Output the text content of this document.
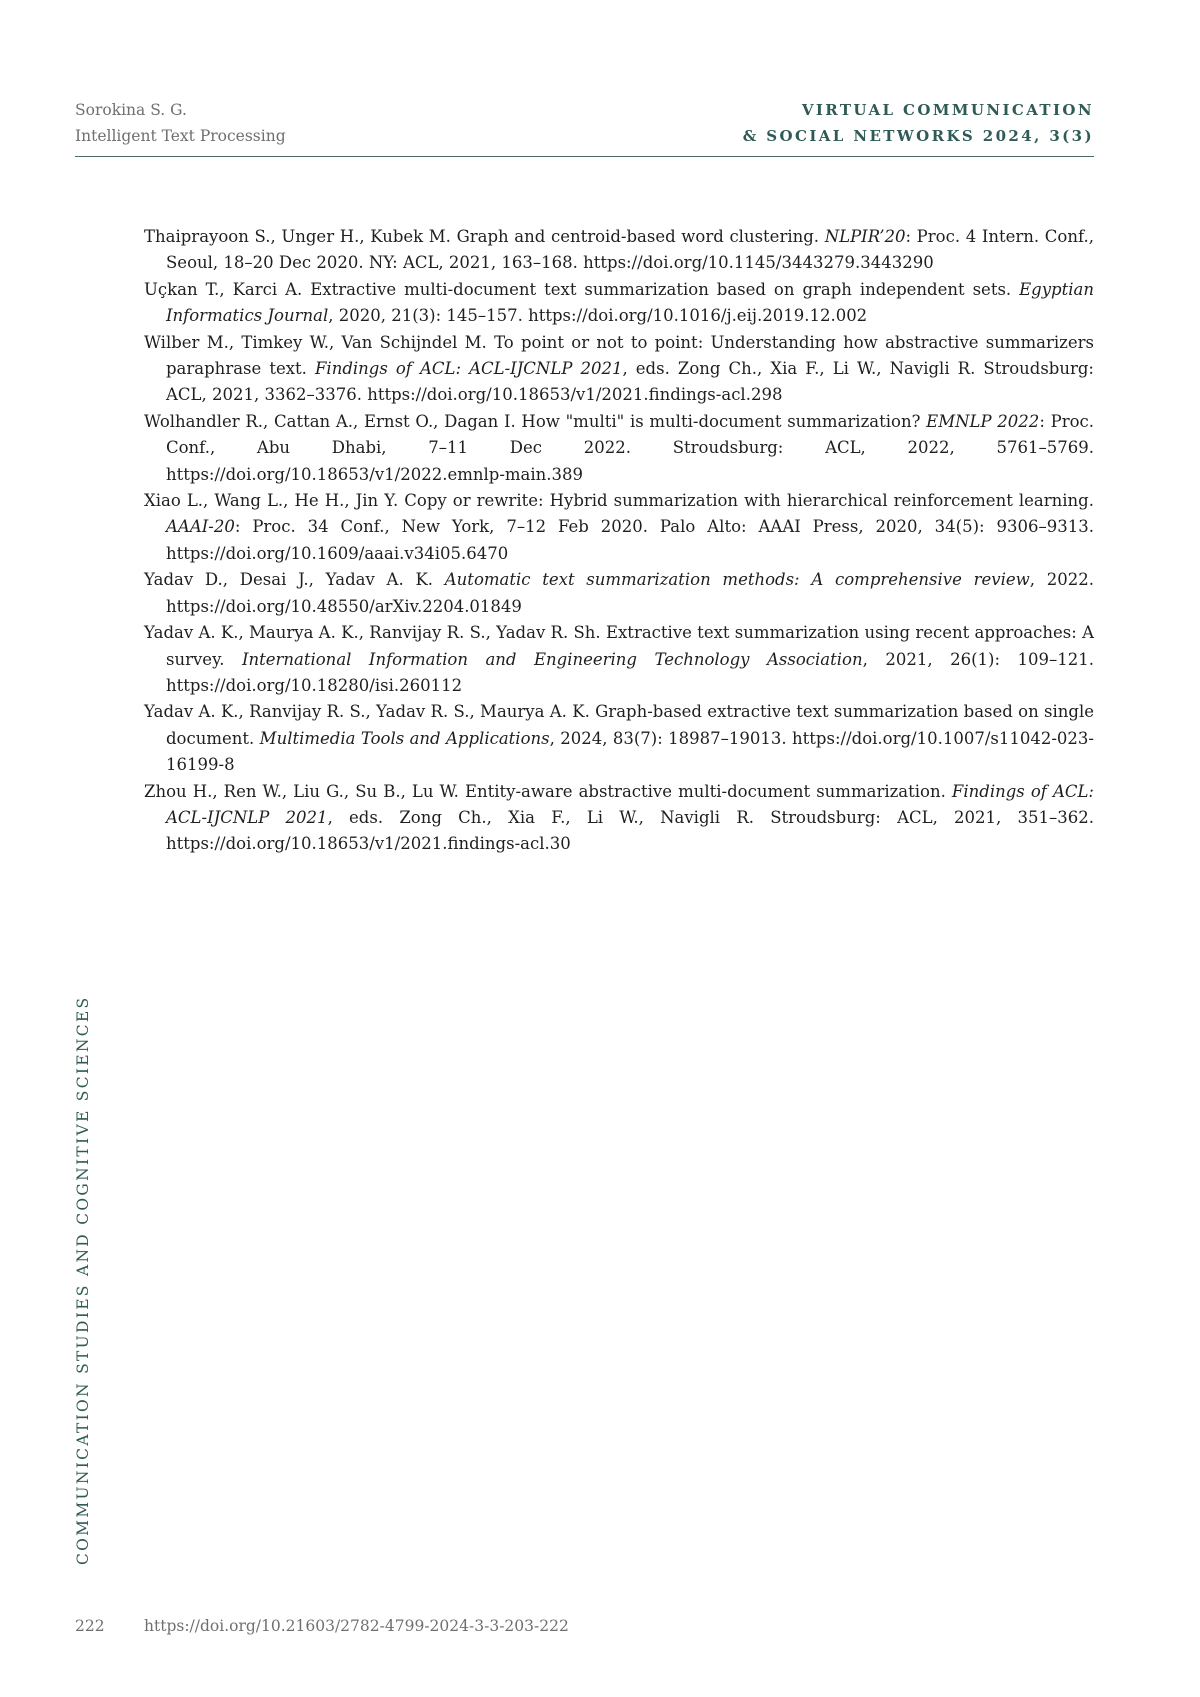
Sorokina S. G.
Intelligent Text Processing
VIRTUAL COMMUNICATION
& SOCIAL NETWORKS 2024, 3(3)

Thaiprayoon S., Unger H., Kubek M. Graph and centroid-based word clustering. NLPIR’20: Proc. 4 Intern. Conf., Seoul, 18–20 Dec 2020. NY: ACL, 2021, 163–168. https://doi.org/10.1145/3443279.3443290

Uçkan T., Karci A. Extractive multi-document text summarization based on graph independent sets. Egyptian Informatics Journal, 2020, 21(3): 145–157. https://doi.org/10.1016/j.eij.2019.12.002

Wilber M., Timkey W., Van Schijndel M. To point or not to point: Understanding how abstractive summarizers paraphrase text. Findings of ACL: ACL-IJCNLP 2021, eds. Zong Ch., Xia F., Li W., Navigli R. Stroudsburg: ACL, 2021, 3362–3376. https://doi.org/10.18653/v1/2021.findings-acl.298

Wolhandler R., Cattan A., Ernst O., Dagan I. How "multi" is multi-document summarization? EMNLP 2022: Proc. Conf., Abu Dhabi, 7–11 Dec 2022. Stroudsburg: ACL, 2022, 5761–5769. https://doi.org/10.18653/v1/2022.emnlp-main.389

Xiao L., Wang L., He H., Jin Y. Copy or rewrite: Hybrid summarization with hierarchical reinforcement learning. AAAI-20: Proc. 34 Conf., New York, 7–12 Feb 2020. Palo Alto: AAAI Press, 2020, 34(5): 9306–9313. https://doi.org/10.1609/aaai.v34i05.6470

Yadav D., Desai J., Yadav A. K. Automatic text summarization methods: A comprehensive review, 2022. https://doi.org/10.48550/arXiv.2204.01849

Yadav A. K., Maurya A. K., Ranvijay R. S., Yadav R. Sh. Extractive text summarization using recent approaches: A survey. International Information and Engineering Technology Association, 2021, 26(1): 109–121. https://doi.org/10.18280/isi.260112

Yadav A. K., Ranvijay R. S., Yadav R. S., Maurya A. K. Graph-based extractive text summarization based on single document. Multimedia Tools and Applications, 2024, 83(7): 18987–19013. https://doi.org/10.1007/s11042-023-16199-8

Zhou H., Ren W., Liu G., Su B., Lu W. Entity-aware abstractive multi-document summarization. Findings of ACL: ACL-IJCNLP 2021, eds. Zong Ch., Xia F., Li W., Navigli R. Stroudsburg: ACL, 2021, 351–362. https://doi.org/10.18653/v1/2021.findings-acl.30

COMMUNICATION STUDIES AND COGNITIVE SCIENCES
222	https://doi.org/10.21603/2782-4799-2024-3-3-203-222
